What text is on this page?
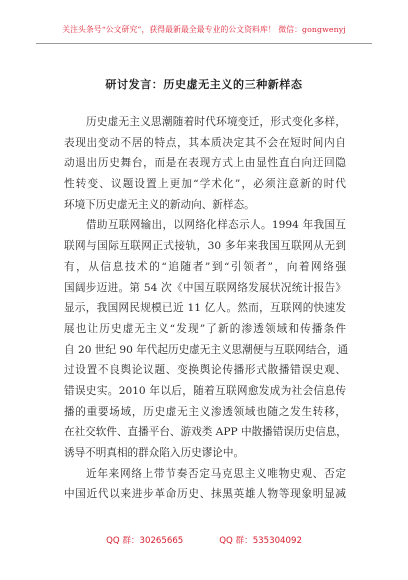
关注头条号“公文研究”，获得最新最全最专业的公文资料库！ 微信：gongwenyj
研讨发言：历史虚无主义的三种新样态
历史虚无主义思潮随着时代环境变迁，形式变化多样，
表现出变动不居的特点，其本质决定其不会在短时间内自
动退出历史舞台，而是在表现方式上由显性直白向迂回隐
性转变、议题设置上更加“学术化”，必须注意新的时代
环境下历史虚无主义的新动向、新样态。
借助互联网输出，以网络化样态示人。1994 年我国互
联网与国际互联网正式接轨，30 多年来我国互联网从无到
有，从信息技术的“追随者”到“引领者”，向着网络强
国阔步迈进。第 54 次《中国互联网络发展状况统计报告》
显示，我国网民规模已近 11 亿人。然而，互联网的快速发
展也让历史虚无主义“发现”了新的渗透领域和传播条件
自 20 世纪 90 年代起历史虚无主义思潮便与互联网结合，通
过设置不良舆论议题、变换舆论传播形式散播错误史观、
错误史实。2010 年以后，随着互联网愈发成为社会信息传
播的重要场域，历史虚无主义渗透领域也随之发生转移，
在社交软件、直播平台、游戏类 APP 中散播错误历史信息，
诱导不明真相的群众陷入历史谬论中。
近年来网络上带节奏否定马克思主义唯物史观、否定
中国近代以来进步革命历史、抹黑英雄人物等现象明显减
QQ 群：30265665	QQ 群：535304092
